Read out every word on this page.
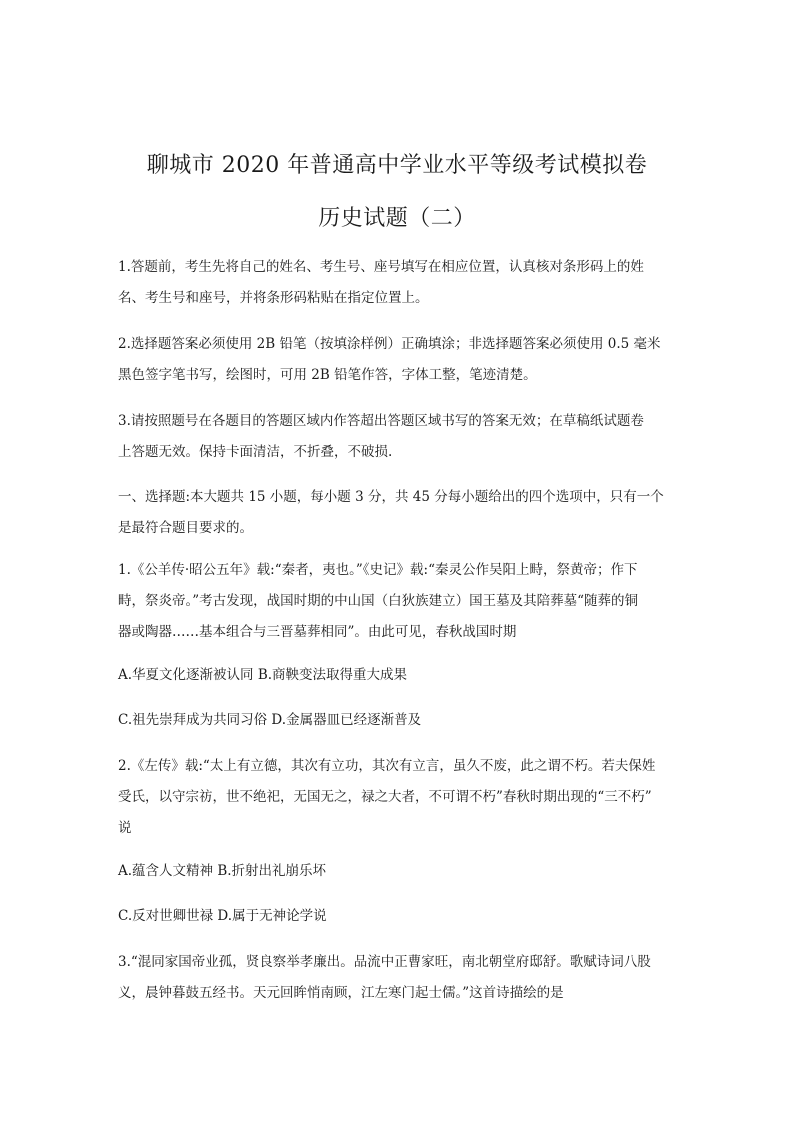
聊城市 2020 年普通高中学业水平等级考试模拟卷
历史试题（二）
1.答题前，考生先将自己的姓名、考生号、座号填写在相应位置，认真核对条形码上的姓
名、考生号和座号，并将条形码粘贴在指定位置上。
2.选择题答案必须使用 2B 铅笔（按填涂样例）正确填涂；非选择题答案必须使用 0.5 毫米
黑色签字笔书写，绘图时，可用 2B 铅笔作答，字体工整，笔迹清楚。
3.请按照题号在各题目的答题区域内作答超出答题区域书写的答案无效；在草稿纸试题卷
上答题无效。保持卡面清洁，不折叠，不破损.
一、选择题:本大题共 15 小题，每小题 3 分，共 45 分每小题给出的四个选项中，只有一个
是最符合题目要求的。
1.《公羊传·昭公五年》载:“秦者，夷也。”《史记》载:“秦灵公作吴阳上畤，祭黄帝；作下
畤，祭炎帝。”考古发现，战国时期的中山国（白狄族建立）国王墓及其陪葬墓“随葬的铜
器或陶器……基本组合与三晋墓葬相同”。由此可见，春秋战国时期
A.华夏文化逐渐被认同 B.商鞅变法取得重大成果
C.祖先崇拜成为共同习俗 D.金属器皿已经逐渐普及
2.《左传》载:“太上有立德，其次有立功，其次有立言，虽久不废，此之谓不朽。若夫保姓
受氏，以守宗祊，世不绝祀，无国无之，禄之大者，不可谓不朽”春秋时期出现的“三不朽”
说
A.蕴含人文精神 B.折射出礼崩乐坏
C.反对世卿世禄 D.属于无神论学说
3.“混同家国帝业孤，贤良察举孝廉出。品流中正曹家旺，南北朝堂府邸舒。歌赋诗词八股
义，晨钟暮鼓五经书。天元回眸悄南顾，江左寒门起士儒。”这首诗描绘的是
